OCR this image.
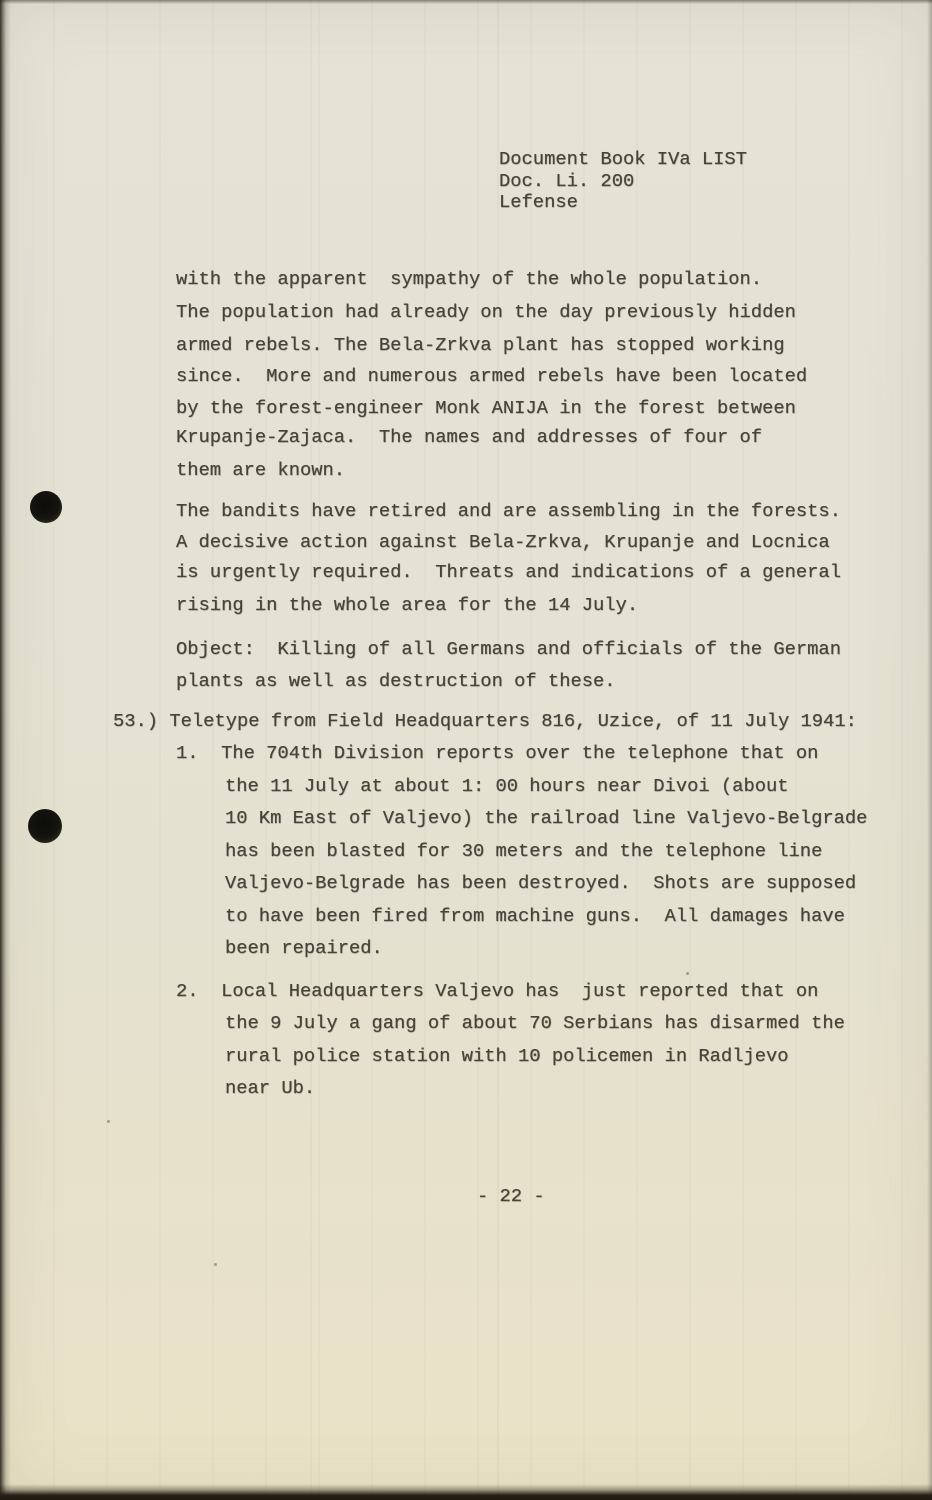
Document Book IVa LIST
Doc. Li. 200
Lefense
with the apparent  sympathy of the whole population.
The population had already on the day previously hidden
armed rebels. The Bela-Zrkva plant has stopped working
since.  More and numerous armed rebels have been located
by the forest-engineer Monk ANIJA in the forest between
Krupanje-Zajaca.  The names and addresses of four of
them are known.
The bandits have retired and are assembling in the forests.
A decisive action against Bela-Zrkva, Krupanje and Locnica
is urgently required.  Threats and indications of a general
rising in the whole area for the 14 July.
Object:  Killing of all Germans and officials of the German
plants as well as destruction of these.
53.) Teletype from Field Headquarters 816, Uzice, of 11 July 1941:
1.  The 704th Division reports over the telephone that on
the 11 July at about 1: 00 hours near Divoi (about
10 Km East of Valjevo) the railroad line Valjevo-Belgrade
has been blasted for 30 meters and the telephone line
Valjevo-Belgrade has been destroyed.  Shots are supposed
to have been fired from machine guns.  All damages have
been repaired.
2.  Local Headquarters Valjevo has  just reported that on
the 9 July a gang of about 70 Serbians has disarmed the
rural police station with 10 policemen in Radljevo
near Ub.
- 22 -
